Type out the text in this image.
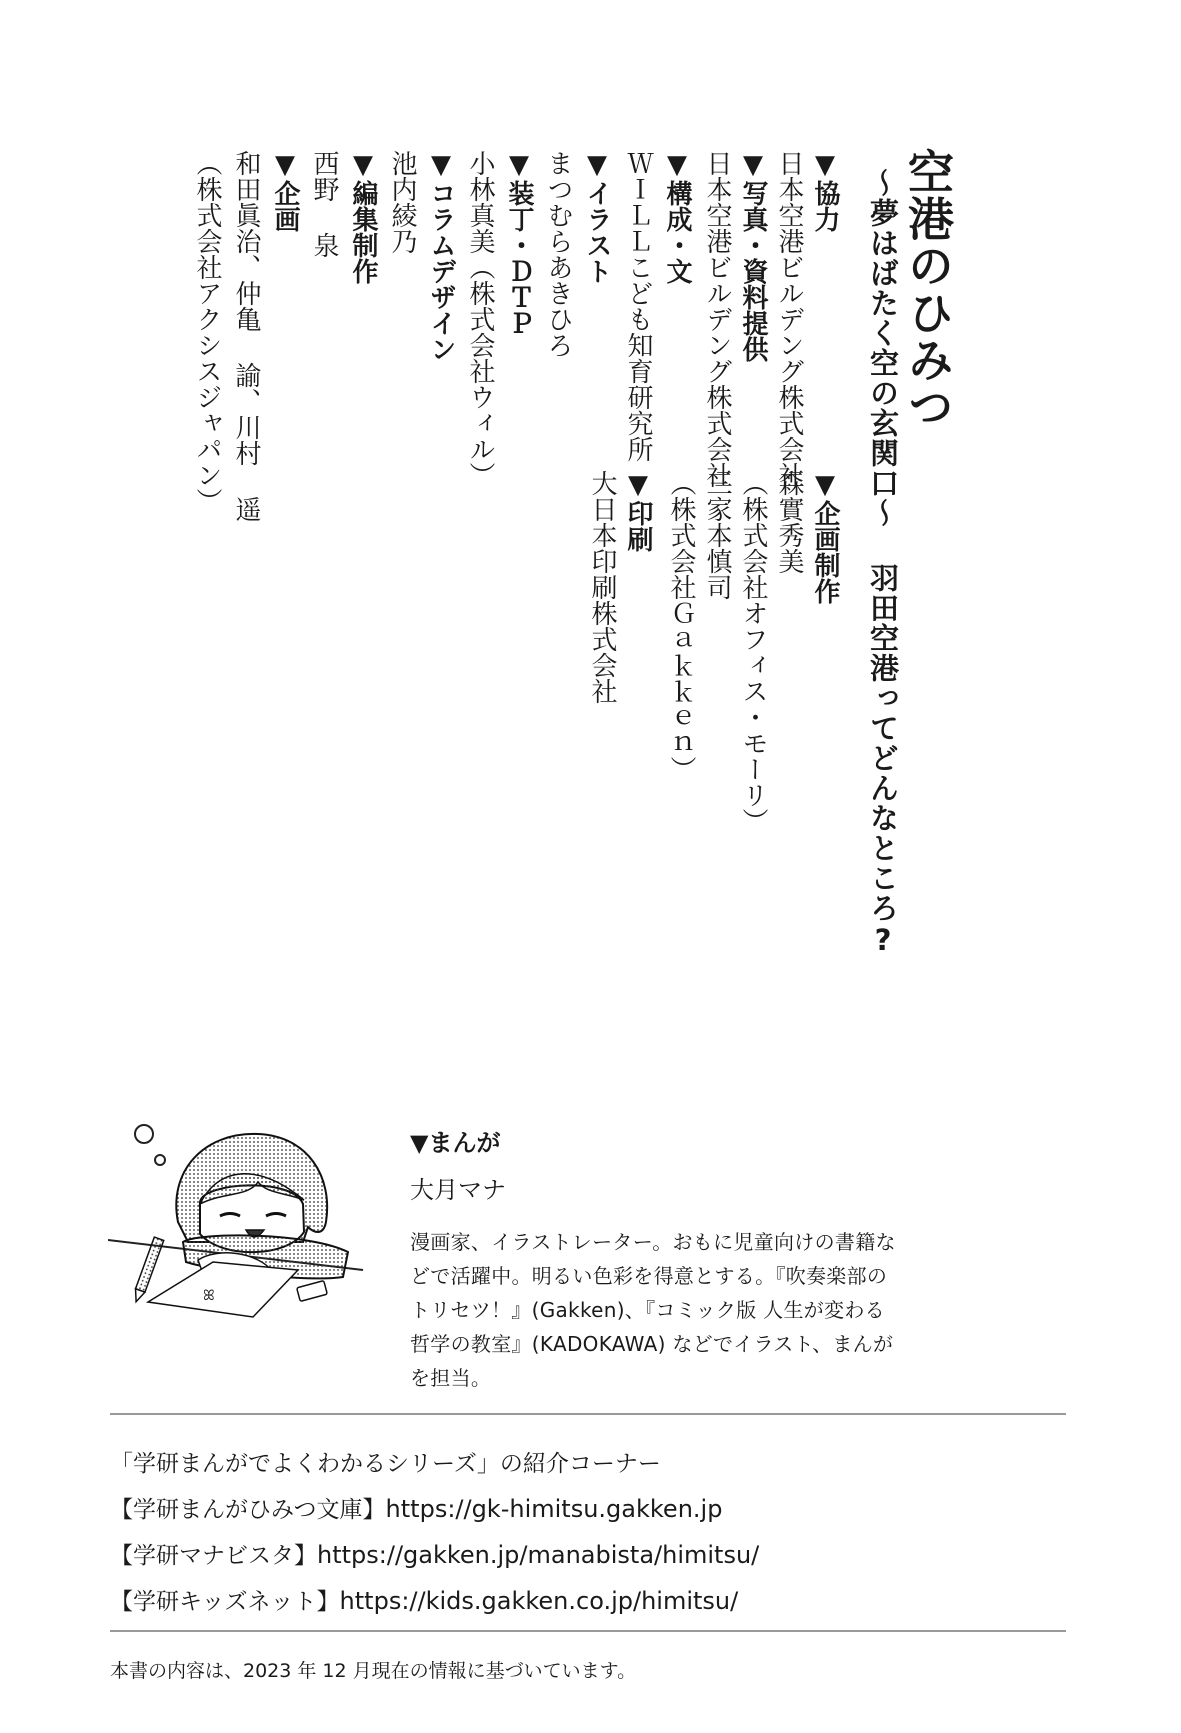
空港のひみつ
～夢はばたく空の玄関口～ 羽田空港ってどんなところ?
▼企画制作
森實秀美
（株式会社オフィス・モーリ）
三家本慎司
（株式会社Ｇａｋｋｅｎ）
▼印刷
大日本印刷株式会社
▼協力
日本空港ビルデング株式会社
▼写真・資料提供
日本空港ビルデング株式会社
▼構成・文
ＷＩＬＬこども知育研究所
▼イラスト
まつむらあきひろ
▼装丁・ＤＴＰ
小林真美（株式会社ウィル）
▼コラムデザイン
池内綾乃
▼編集制作
西野 泉
▼企画
和田眞治、仲亀 諭、川村 遥
（株式会社アクシスジャパン）
ꕤ
▼まんが
大月マナ

漫画家、イラストレーター。おもに児童向けの書籍などで活躍中。明るい色彩を得意とする。『吹奏楽部のトリセツ！』(Gakken)、『コミック版 人生が変わる哲学の教室』(KADOKAWA) などでイラスト、まんがを担当。

「学研まんがでよくわかるシリーズ」の紹介コーナー
【学研まんがひみつ文庫】https://gk-himitsu.gakken.jp
【学研マナビスタ】https://gakken.jp/manabista/himitsu/
【学研キッズネット】https://kids.gakken.co.jp/himitsu/
本書の内容は、2023 年 12 月現在の情報に基づいています。
